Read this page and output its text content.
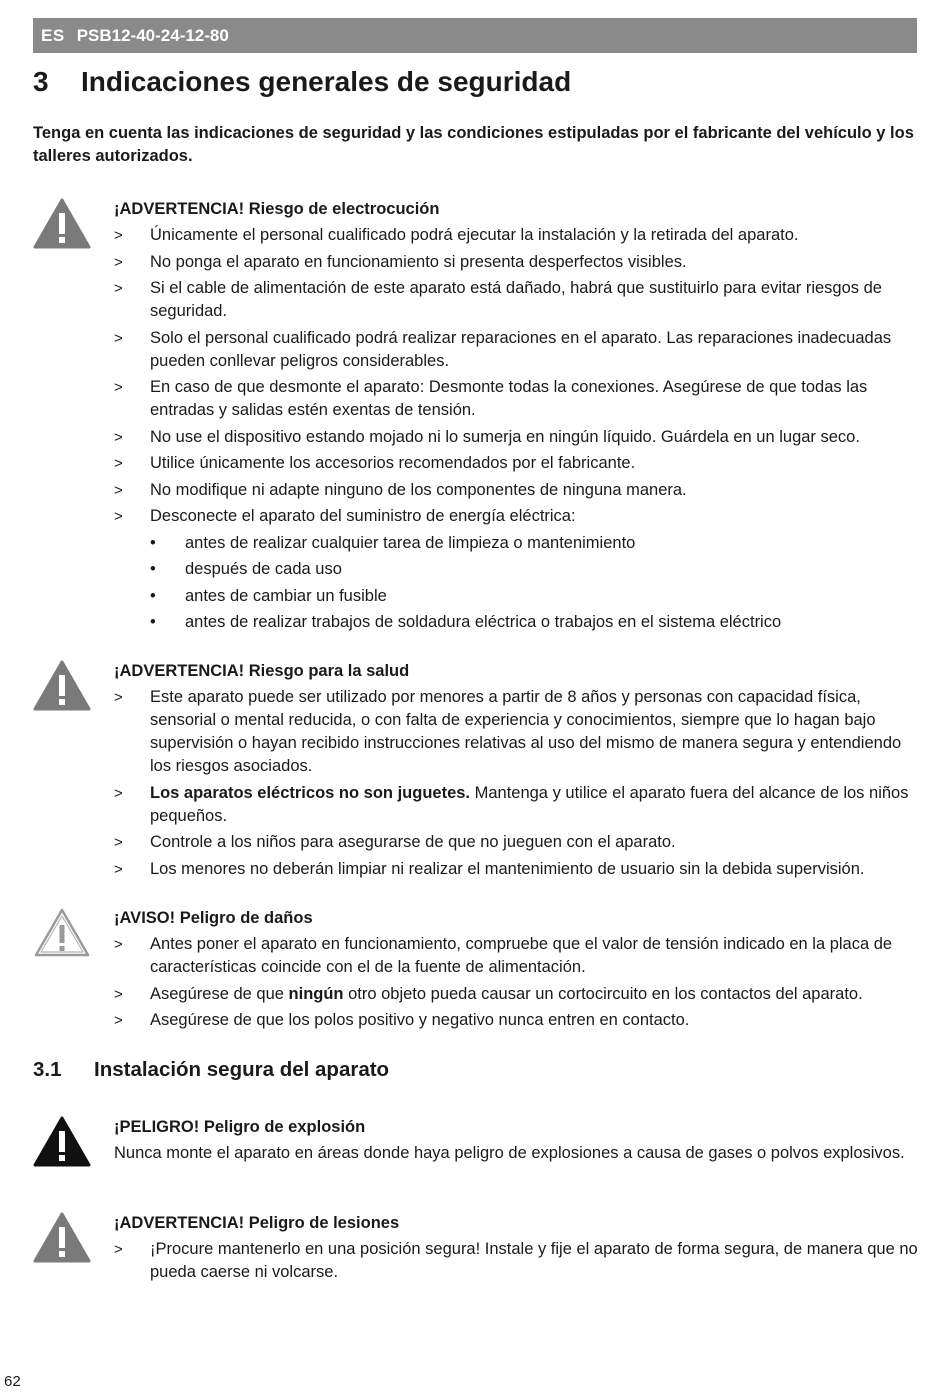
ES PSB12-40-24-12-80
3	Indicaciones generales de seguridad
Tenga en cuenta las indicaciones de seguridad y las condiciones estipuladas por el fabricante del vehículo y los talleres autorizados.
¡ADVERTENCIA! Riesgo de electrocución
> Únicamente el personal cualificado podrá ejecutar la instalación y la retirada del aparato.
> No ponga el aparato en funcionamiento si presenta desperfectos visibles.
> Si el cable de alimentación de este aparato está dañado, habrá que sustituirlo para evitar riesgos de seguridad.
> Solo el personal cualificado podrá realizar reparaciones en el aparato. Las reparaciones inadecuadas pueden conllevar peligros considerables.
> En caso de que desmonte el aparato: Desmonte todas la conexiones. Asegúrese de que todas las entradas y salidas estén exentas de tensión.
> No use el dispositivo estando mojado ni lo sumerja en ningún líquido. Guárdela en un lugar seco.
> Utilice únicamente los accesorios recomendados por el fabricante.
> No modifique ni adapte ninguno de los componentes de ninguna manera.
> Desconecte el aparato del suministro de energía eléctrica:
• antes de realizar cualquier tarea de limpieza o mantenimiento
• después de cada uso
• antes de cambiar un fusible
• antes de realizar trabajos de soldadura eléctrica o trabajos en el sistema eléctrico
¡ADVERTENCIA! Riesgo para la salud
> Este aparato puede ser utilizado por menores a partir de 8 años y personas con capacidad física, sensorial o mental reducida, o con falta de experiencia y conocimientos, siempre que lo hagan bajo supervisión o hayan recibido instrucciones relativas al uso del mismo de manera segura y entendiendo los riesgos asociados.
> Los aparatos eléctricos no son juguetes. Mantenga y utilice el aparato fuera del alcance de los niños pequeños.
> Controle a los niños para asegurarse de que no jueguen con el aparato.
> Los menores no deberán limpiar ni realizar el mantenimiento de usuario sin la debida supervisión.
¡AVISO! Peligro de daños
> Antes poner el aparato en funcionamiento, compruebe que el valor de tensión indicado en la placa de características coincide con el de la fuente de alimentación.
> Asegúrese de que ningún otro objeto pueda causar un cortocircuito en los contactos del aparato.
> Asegúrese de que los polos positivo y negativo nunca entren en contacto.
3.1	Instalación segura del aparato
¡PELIGRO! Peligro de explosión
Nunca monte el aparato en áreas donde haya peligro de explosiones a causa de gases o polvos explosivos.
¡ADVERTENCIA! Peligro de lesiones
> ¡Procure mantenerlo en una posición segura! Instale y fije el aparato de forma segura, de manera que no pueda caerse ni volcarse.
62
